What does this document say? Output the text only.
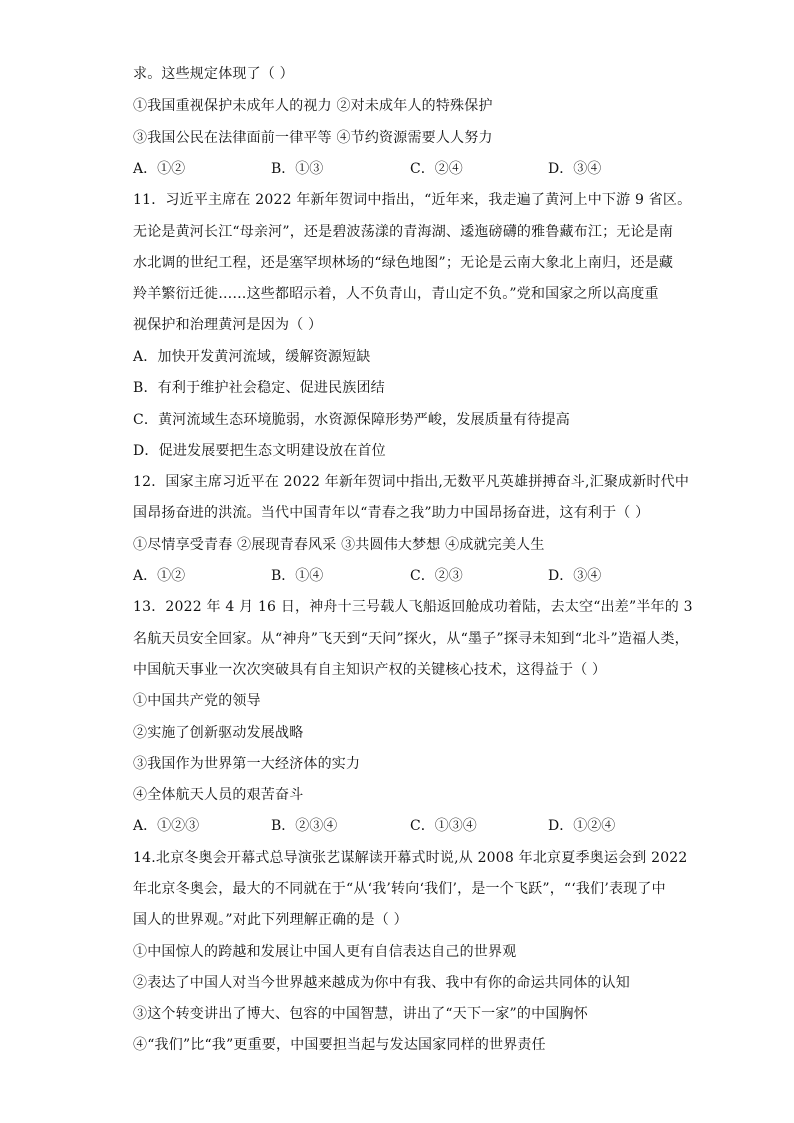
求。这些规定体现了（ ）
①我国重视保护未成年人的视力 ②对未成年人的特殊保护
③我国公民在法律面前一律平等 ④节约资源需要人人努力
A．①②	B．①③	C．②④	D．③④
11．习近平主席在 2022 年新年贺词中指出，“近年来，我走遍了黄河上中下游 9 省区。
无论是黄河长江“母亲河”，还是碧波荡漾的青海湖、逶迤磅礴的雅鲁藏布江；无论是南
水北调的世纪工程，还是塞罕坝林场的“绿色地图”；无论是云南大象北上南归，还是藏
羚羊繁衍迁徙……这些都昭示着，人不负青山，青山定不负。”党和国家之所以高度重
视保护和治理黄河是因为（ ）
A．加快开发黄河流域，缓解资源短缺
B．有利于维护社会稳定、促进民族团结
C．黄河流域生态环境脆弱，水资源保障形势严峻，发展质量有待提高
D．促进发展要把生态文明建设放在首位
12．国家主席习近平在 2022 年新年贺词中指出,无数平凡英雄拼搏奋斗,汇聚成新时代中
国昂扬奋进的洪流。当代中国青年以“青春之我”助力中国昂扬奋进，这有利于（ ）
①尽情享受青春 ②展现青春风采 ③共圆伟大梦想 ④成就完美人生
A．①②	B．①④	C．②③	D．③④
13．2022 年 4 月 16 日，神舟十三号载人飞船返回舱成功着陆，去太空“出差”半年的 3
名航天员安全回家。从“神舟”飞天到“天问”探火，从“墨子”探寻未知到“北斗”造福人类，
中国航天事业一次次突破具有自主知识产权的关键核心技术，这得益于（ ）
①中国共产党的领导
②实施了创新驱动发展战略
③我国作为世界第一大经济体的实力
④全体航天人员的艰苦奋斗
A．①②③	B．②③④	C．①③④	D．①②④
14.北京冬奥会开幕式总导演张艺谋解读开幕式时说,从 2008 年北京夏季奥运会到 2022
年北京冬奥会，最大的不同就在于“从‘我’转向‘我们’，是一个飞跃”，“‘我们’表现了中
国人的世界观。”对此下列理解正确的是（ ）
①中国惊人的跨越和发展让中国人更有自信表达自己的世界观
②表达了中国人对当今世界越来越成为你中有我、我中有你的命运共同体的认知
③这个转变讲出了博大、包容的中国智慧，讲出了“天下一家”的中国胸怀
④“我们”比“我”更重要，中国要担当起与发达国家同样的世界责任
